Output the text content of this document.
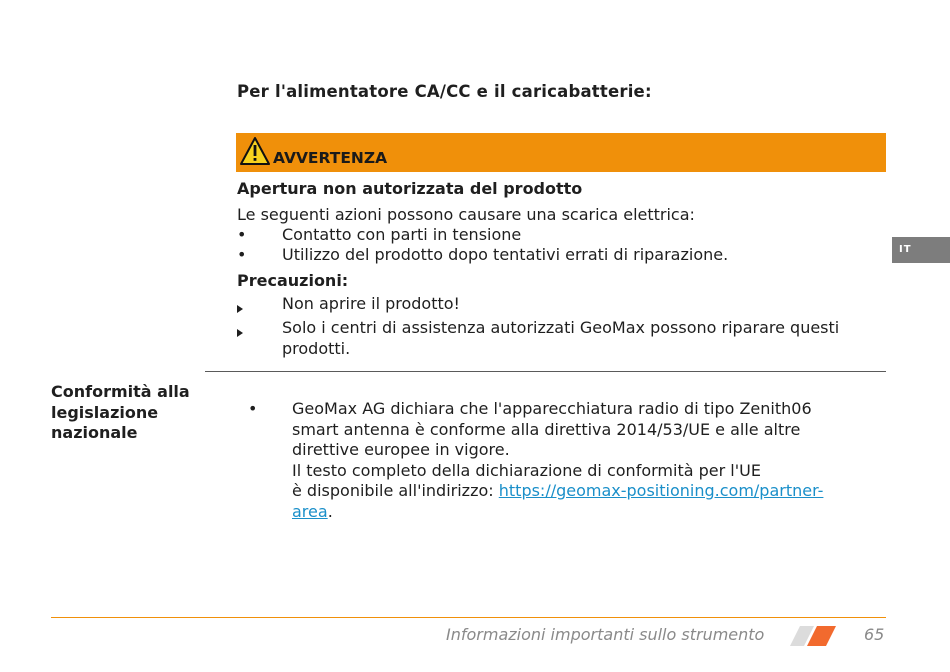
Per l'alimentatore CA/CC e il caricabatterie:
AVVERTENZA
Apertura non autorizzata del prodotto
Le seguenti azioni possono causare una scarica elettrica:
•	Contatto con parti in tensione
•	Utilizzo del prodotto dopo tentativi errati di riparazione.
Precauzioni:
Non aprire il prodotto!
Solo i centri di assistenza autorizzati GeoMax possono riparare questi
prodotti.
Conformità alla
legislazione
nazionale
• GeoMax AG dichiara che l'apparecchiatura radio di tipo Zenith06
smart antenna è conforme alla direttiva 2014/53/UE e alle altre
direttive europee in vigore.
Il testo completo della dichiarazione di conformità per l'UE
è disponibile all'indirizzo: https://geomax-positioning.com/partner-
area.
IT
Informazioni importanti sullo strumento	65
